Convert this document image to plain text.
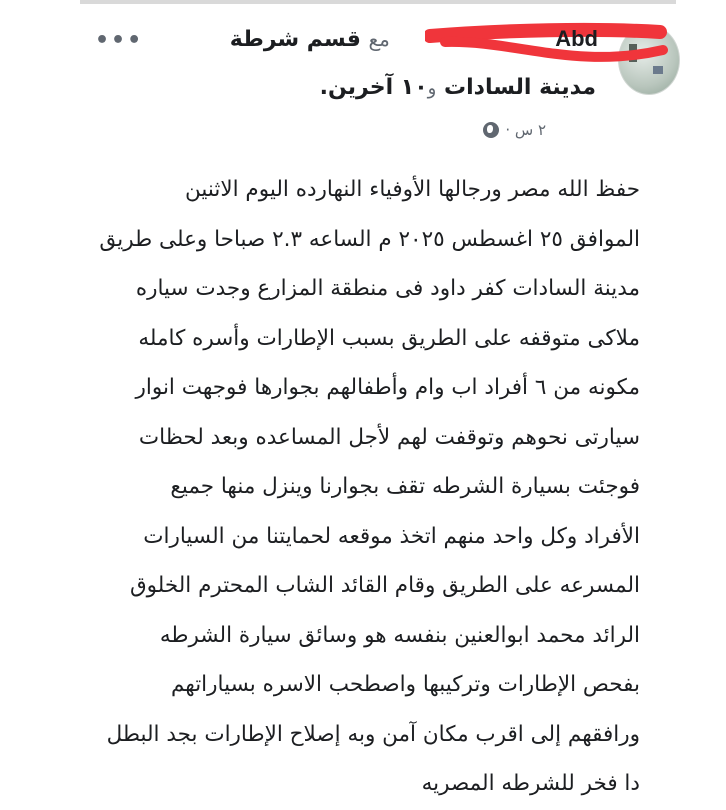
•••	Abd  مع قسم شرطة
مدينة السادات و١٠ آخرين.
٢ س ·
حفظ الله مصر ورجالها الأوفياء النهارده اليوم الاثنين
الموافق ٢٥ اغسطس ٢٠٢٥ م الساعه ٢.٣ صباحا وعلى طريق
مدينة السادات كفر داود فى منطقة المزارع وجدت سياره
ملاكى متوقفه على الطريق بسبب الإطارات وأسره كامله
مكونه من ٦ أفراد اب وام وأطفالهم بجوارها فوجهت انوار
سيارتى نحوهم وتوقفت لهم لأجل المساعده وبعد لحظات
فوجئت بسيارة الشرطه تقف بجوارنا وينزل منها جميع
الأفراد وكل واحد منهم اتخذ موقعه لحمايتنا من السيارات
المسرعه على الطريق وقام القائد الشاب المحترم الخلوق
الرائد محمد ابوالعنين بنفسه هو وسائق سيارة الشرطه
بفحص الإطارات وتركيبها واصطحب الاسره بسياراتهم
ورافقهم إلى اقرب مكان آمن وبه إصلاح الإطارات بجد البطل
دا فخر للشرطه المصريه
